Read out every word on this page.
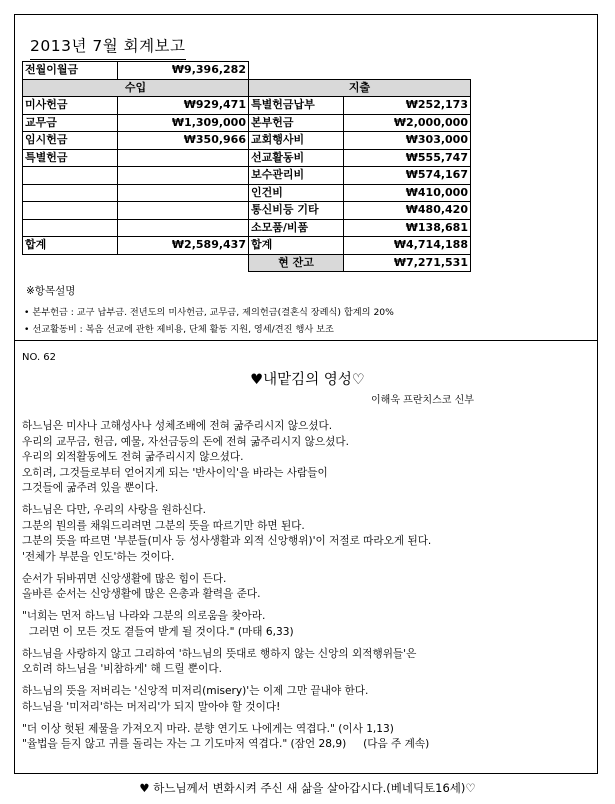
2013년 7월 회계보고
전월이월금	₩9,396,282		
수입		지출	
미사헌금	₩929,471	특별헌금납부	₩252,173
교무금	₩1,309,000	본부헌금	₩2,000,000
임시헌금	₩350,966	교회행사비	₩303,000
특별헌금		선교활동비	₩555,747
		보수관리비	₩574,167
		인건비	₩410,000
		통신비등 기타	₩480,420
		소모품/비품	₩138,681
합계	₩2,589,437	합계	₩4,714,188
		현 잔고	₩7,271,531
※항목설명
• 본부헌금 : 교구 납부금. 전년도의 미사헌금, 교무금, 제의헌금(결혼식 장례식) 합계의 20%
• 선교활동비 : 복음 선교에 관한 제비용, 단체 활동 지원, 영세/견진 행사 보조
NO. 62
♥내맡김의 영성♡
이해욱 프란치스코 신부
하느님은 미사나 고해성사나 성체조배에 전혀 굶주리시지 않으셨다.
우리의 교무금, 헌금, 예물, 자선금등의 돈에 전혀 굶주리시지 않으셨다.
우리의 외적활동에도 전혀 굶주리시지 않으셨다.
오히려, 그것들로부터 얻어지게 되는 '반사이익'을 바라는 사람들이
그것들에 굶주려 있을 뿐이다.
하느님은 다만, 우리의 사랑을 원하신다.
그분의 뭔의를 채워드리려면 그분의 뜻을 따르기만 하면 된다.
그분의 뜻을 따르면 '부분들(미사 등 성사생활과 외적 신앙행위)'이 저절로 따라오게 된다.
'전체가 부분을 인도'하는 것이다.
순서가 뒤바뀌면 신앙생활에 많은 힘이 든다.
올바른 순서는 신앙생활에 많은 은총과 활력을 준다.
"너희는 먼저 하느님 나라와 그분의 의로움을 찾아라.
그러면 이 모든 것도 곁들여 받게 될 것이다." (마태 6,33)
하느님을 사랑하지 않고 그리하여 '하느님의 뜻대로 행하지 않는 신앙의 외적행위들'은
오히려 하느님을 '비참하게' 해 드릴 뿐이다.
하느님의 뜻을 저버리는 '신앙적 미저리(misery)'는 이제 그만 끝내야 한다.
하느님을 '미저리'하는 머저리'가 되지 말아야 할 것이다!
"더 이상 헛된 제물을 가져오지 마라. 분향 연기도 나에게는 역겹다." (이사 1,13)
"율법을 듣지 않고 귀를 돌리는 자는 그 기도마저 역겹다." (잠언 28,9)     (다음 주 계속)
♥ 하느님께서 변화시켜 주신 새 삶을 살아갑시다.(베네딕토16세)♡
